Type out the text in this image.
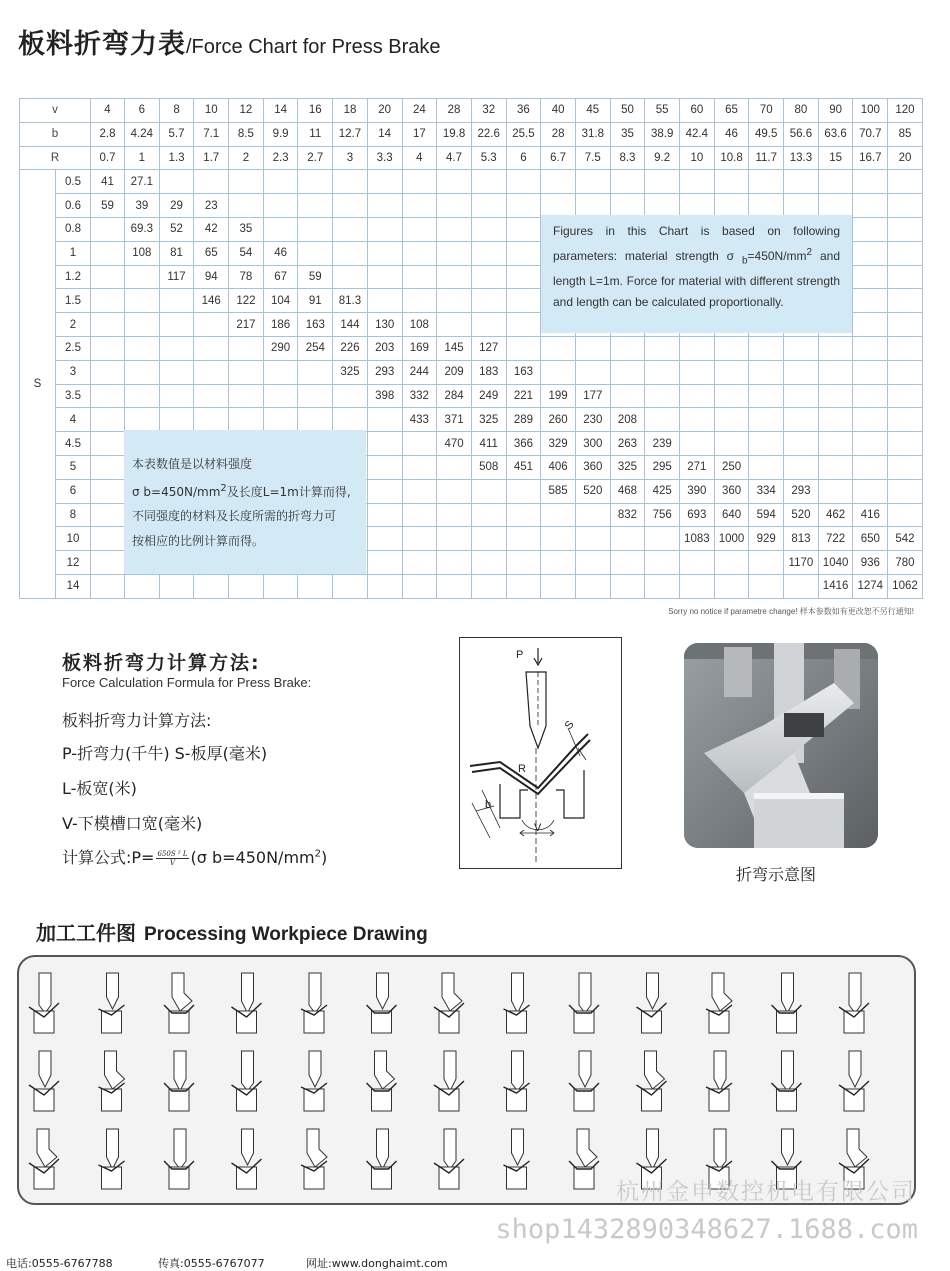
板料折弯力表/Force Chart for Press Brake
v		4	6	8	10	12	14	16	18	20	24	28	32	36	40	45	50	55	60	65	70	80	90	100	120
b		2.8	4.24	5.7	7.1	8.5	9.9	11	12.7	14	17	19.8	22.6	25.5	28	31.8	35	38.9	42.4	46	49.5	56.6	63.6	70.7	85
R		0.7	1	1.3	1.7	2	2.3	2.7	3	3.3	4	4.7	5.3	6	6.7	7.5	8.3	9.2	10	10.8	11.7	13.3	15	16.7	20
S	0.5	41	27.1																						
	0.6	59	39	29	23																				
	0.8		69.3	52	42	35																			
	1		108	81	65	54	46																		
	1.2			117	94	78	67	59																	
	1.5				146	122	104	91	81.3																
	2					217	186	163	144	130	108														
	2.5						290	254	226	203	169	145	127												
	3								325	293	244	209	183	163											
	3.5									398	332	284	249	221	199	177									
	4										433	371	325	289	260	230	208								
	4.5											470	411	366	329	300	263	239							
	5												508	451	406	360	325	295	271	250					
	6														585	520	468	425	390	360	334	293			
	8																832	756	693	640	594	520	462	416	
	10																		1083	1000	929	813	722	650	542
	12																					1170	1040	936	780
	14																						1416	1274	1062
Figures in this Chart is based on following parameters: material strength σ $_b=450N/mm^2$ and length L=1m. Force for material with different strength and length can be calculated proportionally.
本表数值是以材料强度
σ $b=450N/mm^2$及长度L=1m计算而得,
不同强度的材料及长度所需的折弯力可
按相应的比例计算而得。
Sorry no notice if parametre change! 样本参数如有更改恕不另行通知!
板料折弯力计算方法:
Force Calculation Formula for Press Brake:
板料折弯力计算方法:
P-折弯力(千牛) S-板厚(毫米)
L-板宽(米)
V-下模槽口宽(毫米)
计算公式:P= $\frac{\text{650S ² L}}{V} (\sigma$ $b=450N/mm^2$)
P
S
R
b
V
折弯示意图
加工工件图 Processing Workpiece Drawing
杭州金申数控机电有限公司
shop1432890348627.1688.com
电话:0555-6767788	传真:0555-6767077	网址:www.donghaimt.com
